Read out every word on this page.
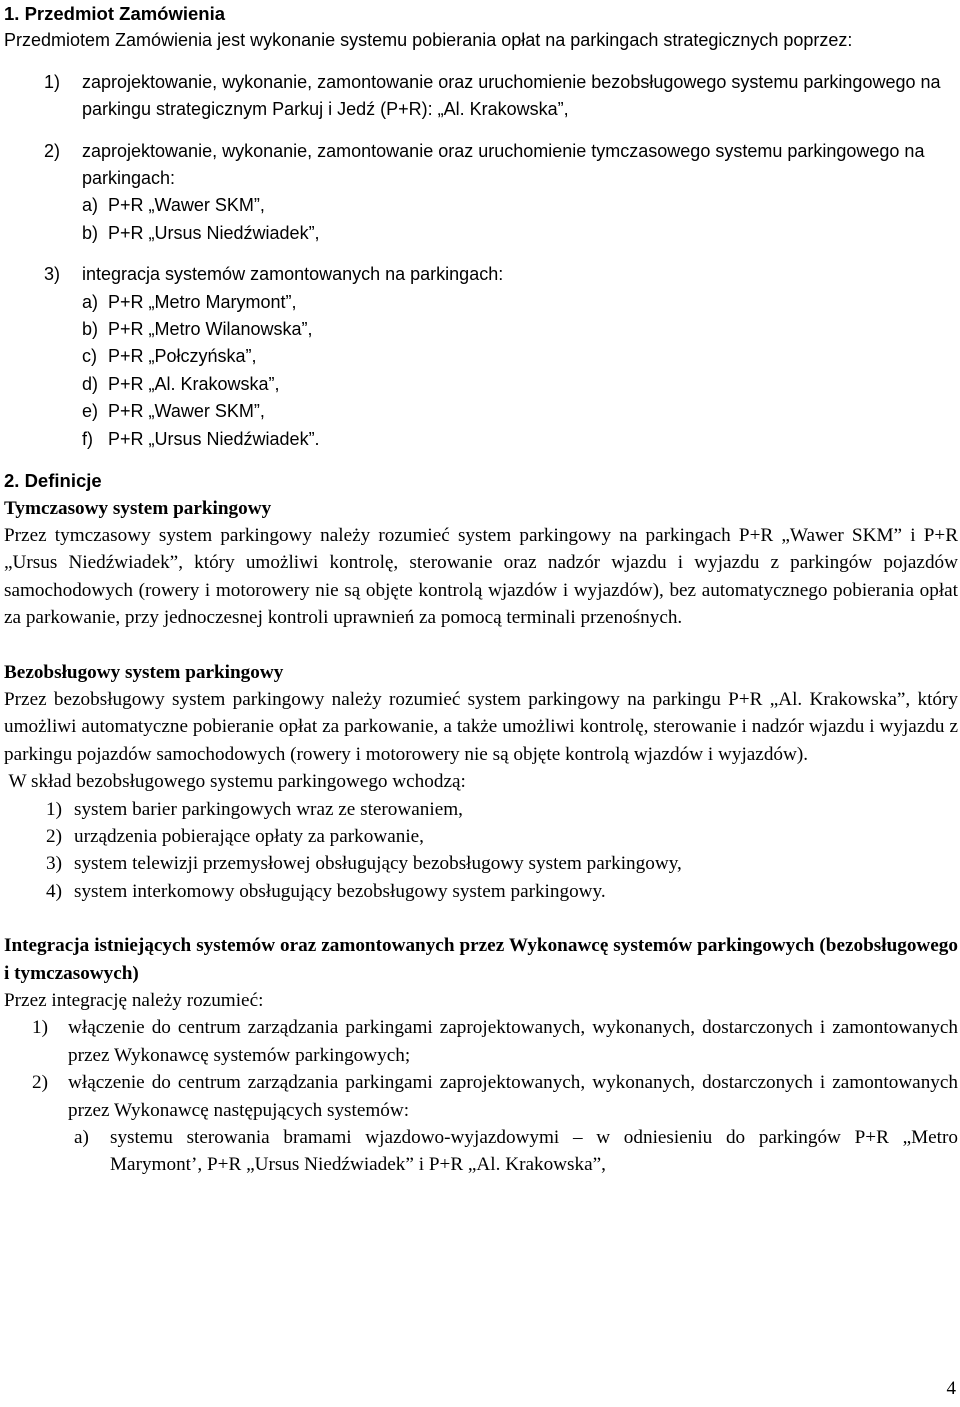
1. Przedmiot Zamówienia

Przedmiotem Zamówienia jest wykonanie systemu pobierania opłat na parkingach strategicznych poprzez:

1)	zaprojektowanie, wykonanie, zamontowanie oraz uruchomienie bezobsługowego systemu parkingowego na parkingu strategicznym Parkuj i Jedź (P+R): „Al. Krakowska”,
2)	zaprojektowanie, wykonanie, zamontowanie oraz uruchomienie tymczasowego systemu parkingowego na parkingach:

a) P+R „Wawer SKM”,
b) P+R „Ursus Niedźwiadek”,
3)	integracja systemów zamontowanych na parkingach:

a) P+R „Metro Marymont”,
b) P+R „Metro Wilanowska”,
c) P+R „Połczyńska”,
d) P+R „Al. Krakowska”,
e) P+R „Wawer SKM”,
f) P+R „Ursus Niedźwiadek”.

2. Definicje

Tymczasowy system parkingowy

Przez tymczasowy system parkingowy należy rozumieć system parkingowy na parkingach P+R „Wawer SKM” i P+R „Ursus Niedźwiadek”, który umożliwi kontrolę, sterowanie oraz nadzór wjazdu i wyjazdu z parkingów pojazdów samochodowych (rowery i motorowery nie są objęte kontrolą wjazdów i wyjazdów), bez automatycznego pobierania opłat za parkowanie, przy jednoczesnej kontroli uprawnień za pomocą terminali przenośnych.

Bezobsługowy system parkingowy

Przez bezobsługowy system parkingowy należy rozumieć system parkingowy na parkingu P+R „Al. Krakowska”, który umożliwi automatyczne pobieranie opłat za parkowanie, a także umożliwi kontrolę, sterowanie i nadzór wjazdu i wyjazdu z parkingu pojazdów samochodowych (rowery i motorowery nie są objęte kontrolą wjazdów i wyjazdów).

W skład bezobsługowego systemu parkingowego wchodzą:

1) system barier parkingowych wraz ze sterowaniem,
2) urządzenia pobierające opłaty za parkowanie,
3) system telewizji przemysłowej obsługujący bezobsługowy system parkingowy,
4) system interkomowy obsługujący bezobsługowy system parkingowy.

Integracja istniejących systemów oraz zamontowanych przez Wykonawcę systemów parkingowych (bezobsługowego i tymczasowych)

Przez integrację należy rozumieć:

1)	włączenie do centrum zarządzania parkingami zaprojektowanych, wykonanych, dostarczonych i zamontowanych przez Wykonawcę systemów parkingowych;
2)	włączenie do centrum zarządzania parkingami zaprojektowanych, wykonanych, dostarczonych i zamontowanych przez Wykonawcę następujących systemów:

a)	systemu sterowania bramami wjazdowo-wyjazdowymi – w odniesieniu do parkingów P+R „Metro Marymont’, P+R „Ursus Niedźwiadek” i P+R „Al. Krakowska”,
4
